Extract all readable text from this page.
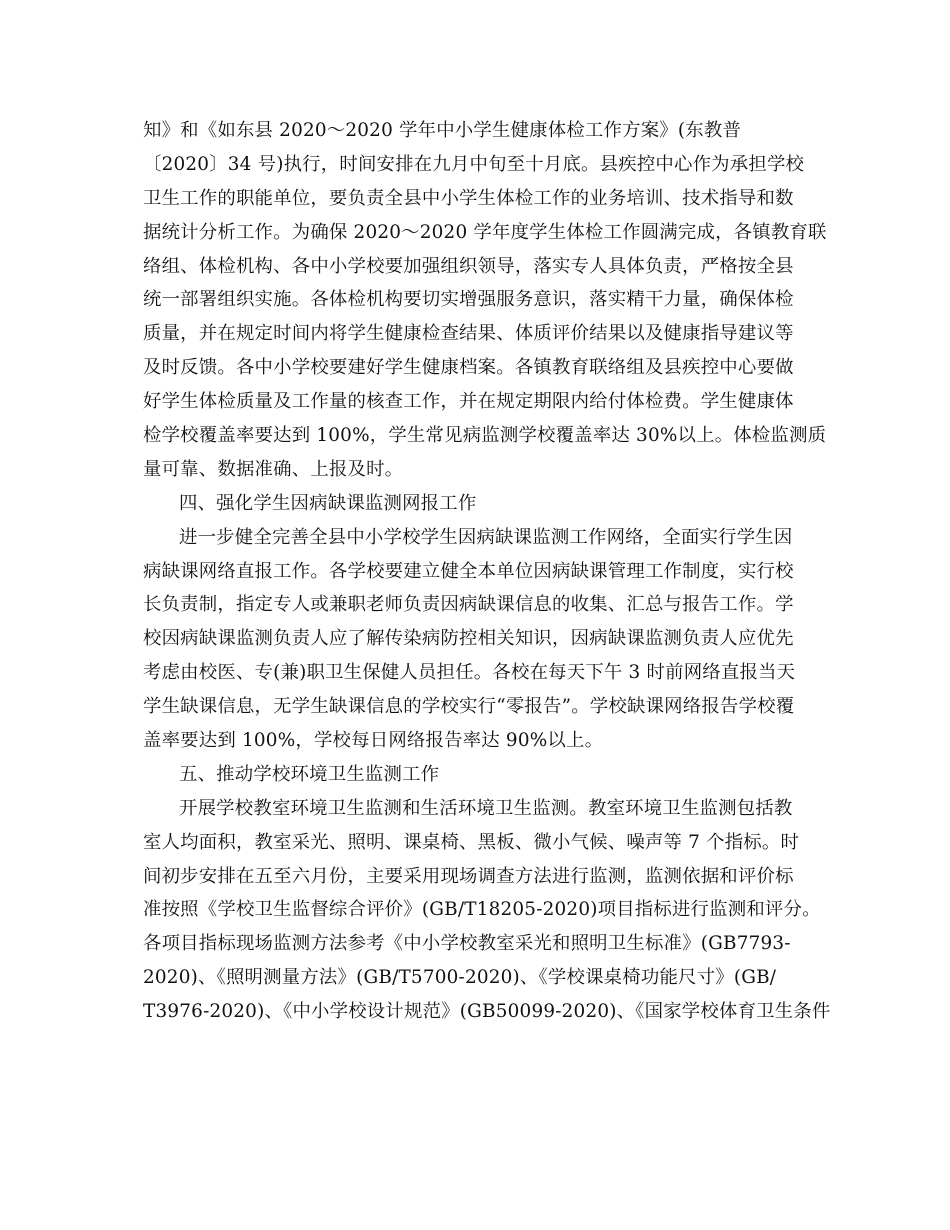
知》和《如东县 2020～2020 学年中小学生健康体检工作方案》(东教普
〔2020〕34 号)执行，时间安排在九月中旬至十月底。县疾控中心作为承担学校
卫生工作的职能单位，要负责全县中小学生体检工作的业务培训、技术指导和数
据统计分析工作。为确保 2020～2020 学年度学生体检工作圆满完成，各镇教育联
络组、体检机构、各中小学校要加强组织领导，落实专人具体负责，严格按全县
统一部署组织实施。各体检机构要切实增强服务意识，落实精干力量，确保体检
质量，并在规定时间内将学生健康检查结果、体质评价结果以及健康指导建议等
及时反馈。各中小学校要建好学生健康档案。各镇教育联络组及县疾控中心要做
好学生体检质量及工作量的核查工作，并在规定期限内给付体检费。学生健康体
检学校覆盖率要达到 100%，学生常见病监测学校覆盖率达 30%以上。体检监测质
量可靠、数据准确、上报及时。
四、强化学生因病缺课监测网报工作
进一步健全完善全县中小学校学生因病缺课监测工作网络，全面实行学生因
病缺课网络直报工作。各学校要建立健全本单位因病缺课管理工作制度，实行校
长负责制，指定专人或兼职老师负责因病缺课信息的收集、汇总与报告工作。学
校因病缺课监测负责人应了解传染病防控相关知识，因病缺课监测负责人应优先
考虑由校医、专(兼)职卫生保健人员担任。各校在每天下午 3 时前网络直报当天
学生缺课信息，无学生缺课信息的学校实行“零报告”。学校缺课网络报告学校覆
盖率要达到 100%，学校每日网络报告率达 90%以上。
五、推动学校环境卫生监测工作
开展学校教室环境卫生监测和生活环境卫生监测。教室环境卫生监测包括教
室人均面积，教室采光、照明、课桌椅、黑板、微小气候、噪声等 7 个指标。时
间初步安排在五至六月份，主要采用现场调查方法进行监测，监测依据和评价标
准按照《学校卫生监督综合评价》(GB/T18205-2020)项目指标进行监测和评分。
各项目指标现场监测方法参考《中小学校教室采光和照明卫生标准》(GB7793-
2020)、《照明测量方法》(GB/T5700-2020)、《学校课桌椅功能尺寸》(GB/
T3976-2020)、《中小学校设计规范》(GB50099-2020)、《国家学校体育卫生条件
